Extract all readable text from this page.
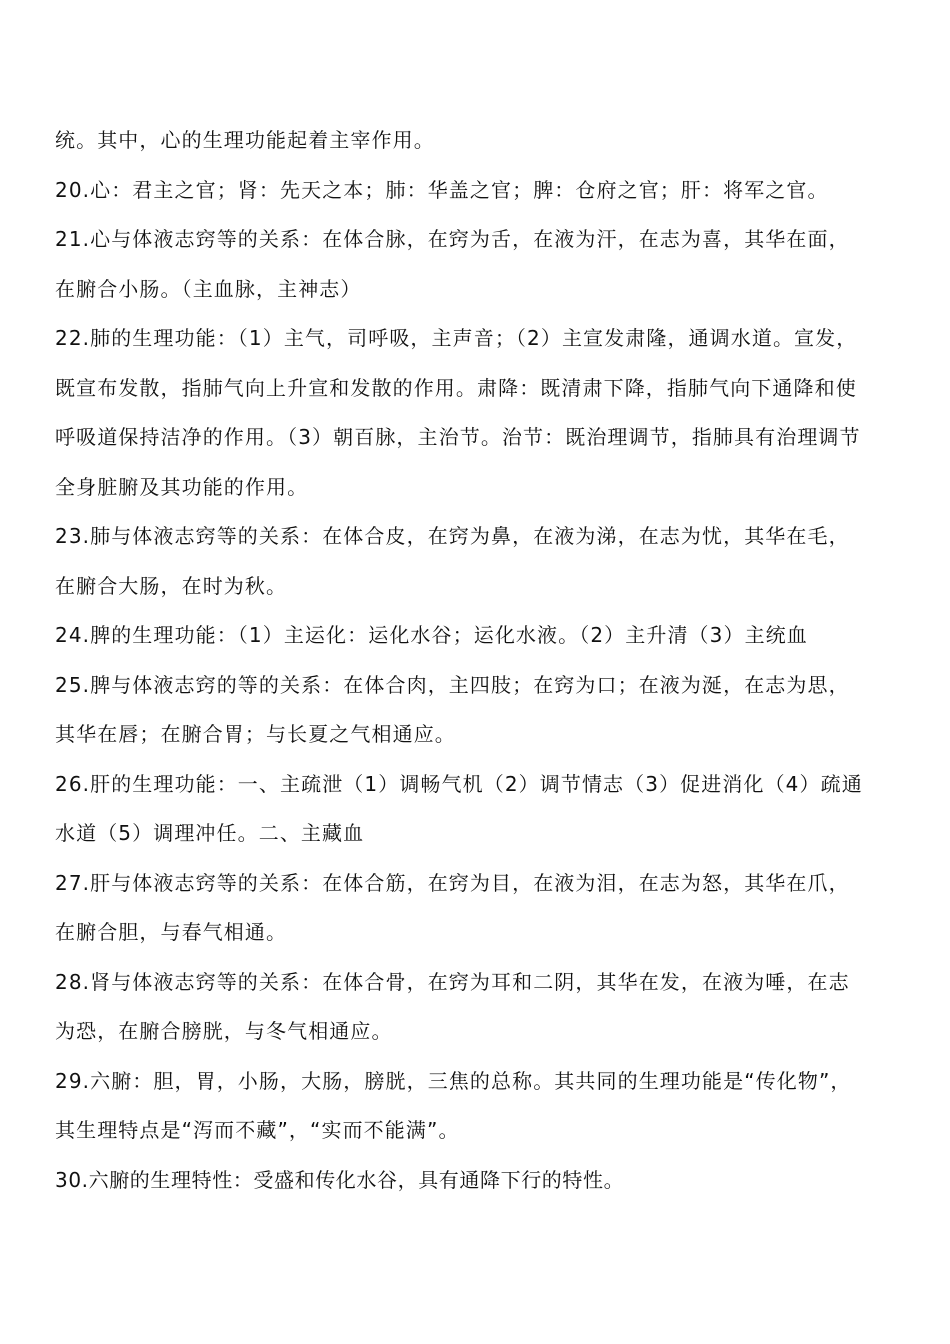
统。其中，心的生理功能起着主宰作用。
20.心：君主之官；肾：先天之本；肺：华盖之官；脾：仓府之官；肝：将军之官。
21.心与体液志窍等的关系：在体合脉，在窍为舌，在液为汗，在志为喜，其华在面，
在腑合小肠。（主血脉，主神志）
22.肺的生理功能：（1）主气，司呼吸，主声音；（2）主宣发肃隆，通调水道。宣发，
既宣布发散，指肺气向上升宣和发散的作用。肃降：既清肃下降，指肺气向下通降和使
呼吸道保持洁净的作用。（3）朝百脉，主治节。治节：既治理调节，指肺具有治理调节
全身脏腑及其功能的作用。
23.肺与体液志窍等的关系：在体合皮，在窍为鼻，在液为涕，在志为忧，其华在毛，
在腑合大肠，在时为秋。
24.脾的生理功能：（1）主运化：运化水谷；运化水液。（2）主升清（3）主统血
25.脾与体液志窍的等的关系：在体合肉，主四肢；在窍为口；在液为涎，在志为思，
其华在唇；在腑合胃；与长夏之气相通应。
26.肝的生理功能：一、主疏泄（1）调畅气机（2）调节情志（3）促进消化（4）疏通
水道（5）调理冲任。二、主藏血
27.肝与体液志窍等的关系：在体合筋，在窍为目，在液为泪，在志为怒，其华在爪，
在腑合胆，与春气相通。
28.肾与体液志窍等的关系：在体合骨，在窍为耳和二阴，其华在发，在液为唾，在志
为恐，在腑合膀胱，与冬气相通应。
29.六腑：胆，胃，小肠，大肠，膀胱，三焦的总称。其共同的生理功能是“传化物”，
其生理特点是“泻而不藏”，“实而不能满”。
30.六腑的生理特性：受盛和传化水谷，具有通降下行的特性。
